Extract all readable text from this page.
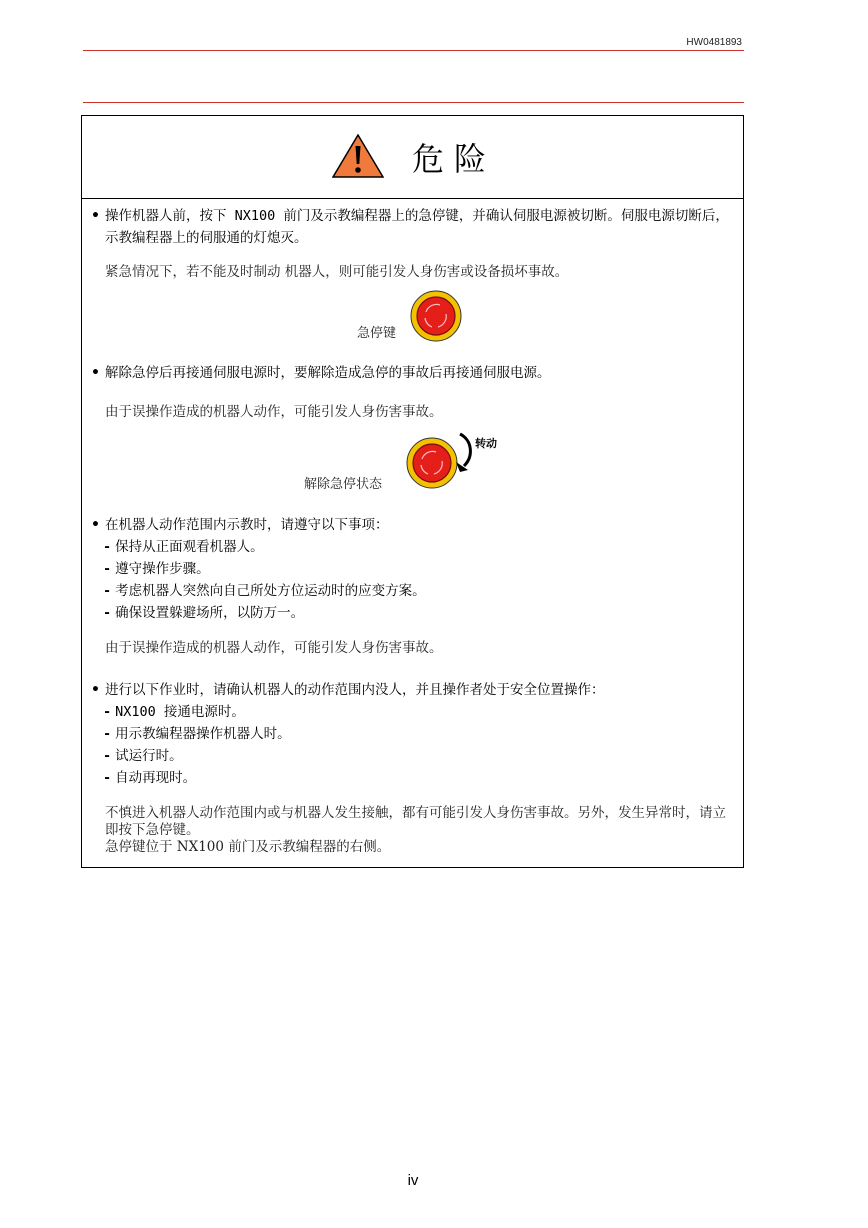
HW0481893
危险
• 操作机器人前，按下 NX100 前门及示教编程器上的急停键，并确认伺服电源被切断。伺服电源切断后，示教编程器上的伺服通的灯熄灭。
紧急情况下，若不能及时制动 机器人，则可能引发人身伤害或设备损坏事故。
急停键
• 解除急停后再接通伺服电源时，要解除造成急停的事故后再接通伺服电源。
由于误操作造成的机器人动作，可能引发人身伤害事故。
转动
解除急停状态
• 在机器人动作范围内示教时，请遵守以下事项：
- 保持从正面观看机器人。
- 遵守操作步骤。
- 考虑机器人突然向自己所处方位运动时的应变方案。
- 确保设置躲避场所，以防万一。
由于误操作造成的机器人动作，可能引发人身伤害事故。
• 进行以下作业时，请确认机器人的动作范围内没人，并且操作者处于安全位置操作：
- NX100 接通电源时。
- 用示教编程器操作机器人时。
- 试运行时。
- 自动再现时。
不慎进入机器人动作范围内或与机器人发生接触，都有可能引发人身伤害事故。另外，发生异常时，请立即按下急停键。
急停键位于 NX100 前门及示教编程器的右侧。
iv
